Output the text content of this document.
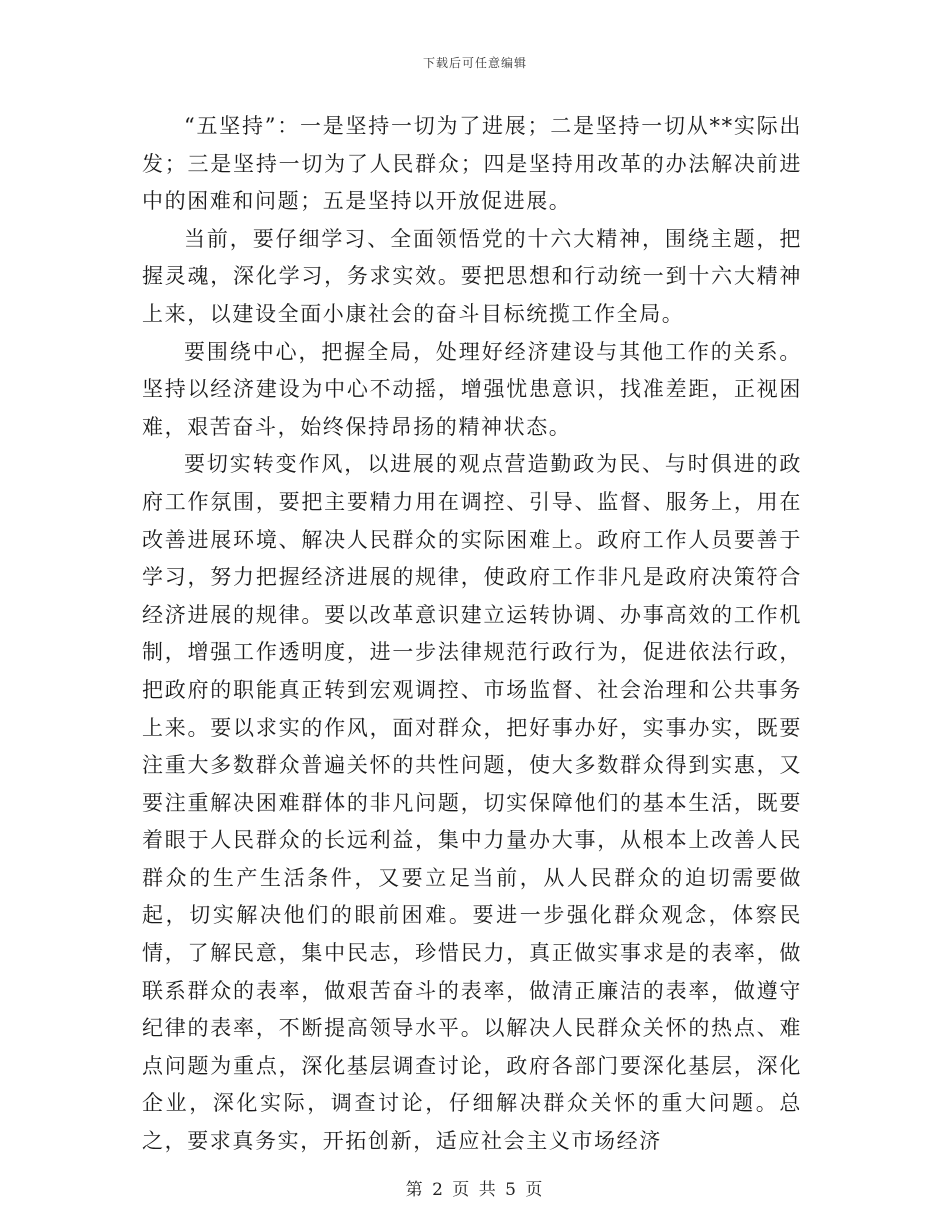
下载后可任意编辑

“五坚持”：一是坚持一切为了进展；二是坚持一切从**实际出发；三是坚持一切为了人民群众；四是坚持用改革的办法解决前进中的困难和问题；五是坚持以开放促进展。

当前，要仔细学习、全面领悟党的十六大精神，围绕主题，把握灵魂，深化学习，务求实效。要把思想和行动统一到十六大精神上来，以建设全面小康社会的奋斗目标统揽工作全局。

要围绕中心，把握全局，处理好经济建设与其他工作的关系。坚持以经济建设为中心不动摇，增强忧患意识，找准差距，正视困难，艰苦奋斗，始终保持昂扬的精神状态。

要切实转变作风，以进展的观点营造勤政为民、与时俱进的政府工作氛围，要把主要精力用在调控、引导、监督、服务上，用在改善进展环境、解决人民群众的实际困难上。政府工作人员要善于学习，努力把握经济进展的规律，使政府工作非凡是政府决策符合经济进展的规律。要以改革意识建立运转协调、办事高效的工作机制，增强工作透明度，进一步法律规范行政行为，促进依法行政，把政府的职能真正转到宏观调控、市场监督、社会治理和公共事务上来。要以求实的作风，面对群众，把好事办好，实事办实，既要注重大多数群众普遍关怀的共性问题，使大多数群众得到实惠，又要注重解决困难群体的非凡问题，切实保障他们的基本生活，既要着眼于人民群众的长远利益，集中力量办大事，从根本上改善人民群众的生产生活条件，又要立足当前，从人民群众的迫切需要做起，切实解决他们的眼前困难。要进一步强化群众观念，体察民情，了解民意，集中民志，珍惜民力，真正做实事求是的表率，做联系群众的表率，做艰苦奋斗的表率，做清正廉洁的表率，做遵守纪律的表率，不断提高领导水平。以解决人民群众关怀的热点、难点问题为重点，深化基层调查讨论，政府各部门要深化基层，深化企业，深化实际，调查讨论，仔细解决群众关怀的重大问题。总之，要求真务实，开拓创新，适应社会主义市场经济

第 2 页 共 5 页
